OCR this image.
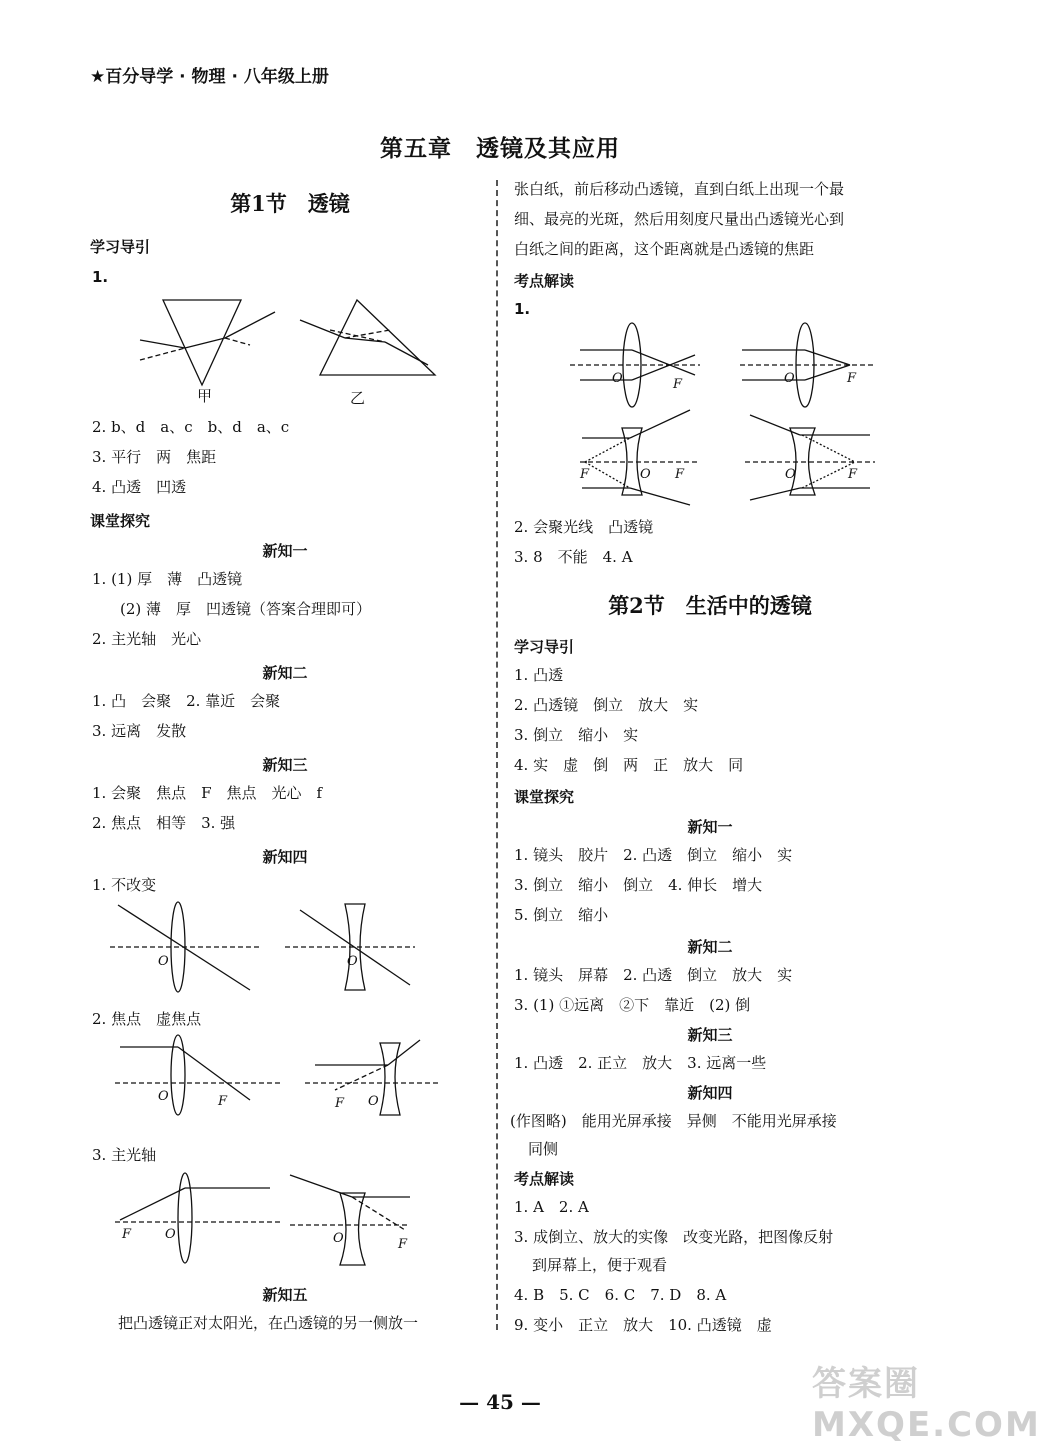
★百分导学 · 物理 · 八年级上册
第五章　透镜及其应用
第1节　透镜
学习导引
1.
甲	乙
2. b、d　a、c　b、d　a、c
3. 平行　两　焦距
4. 凸透　凹透
课堂探究
新知一
1. (1) 厚　薄　凸透镜
(2) 薄　厚　凹透镜（答案合理即可）
2. 主光轴　光心
新知二
1. 凸　会聚　2. 靠近　会聚
3. 远离　发散
新知三
1. 会聚　焦点　F　焦点　光心　f
2. 焦点　相等　3. 强
新知四
1. 不改变
O	O
2. 焦点　虚焦点
O	F	O
F
3. 主光轴
F	O	O	F
新知五
把凸透镜正对太阳光，在凸透镜的另一侧放一
张白纸，前后移动凸透镜，直到白纸上出现一个最
细、最亮的光斑，然后用刻度尺量出凸透镜光心到
白纸之间的距离，这个距离就是凸透镜的焦距
考点解读
1.
O	F	O	F
F	O F	O	F
2. 会聚光线　凸透镜
3. 8　不能　4. A
第2节　生活中的透镜
学习导引
1. 凸透
2. 凸透镜　倒立　放大　实
3. 倒立　缩小　实
4. 实　虚　倒　两　正　放大　同
课堂探究
新知一
1. 镜头　胶片　2. 凸透　倒立　缩小　实
3. 倒立　缩小　倒立　4. 伸长　增大
5. 倒立　缩小
新知二
1. 镜头　屏幕　2. 凸透　倒立　放大　实
3. (1) ①远离　②下　靠近　(2) 倒
新知三
1. 凸透　2. 正立　放大　3. 远离一些
新知四
(作图略)　能用光屏承接　异侧　不能用光屏承接
同侧
考点解读
1. A　2. A
3. 成倒立、放大的实像　改变光路，把图像反射
到屏幕上，便于观看
4. B　5. C　6. C　7. D　8. A
9. 变小　正立　放大　10. 凸透镜　虚
— 45 —	答案圈 MXQE.COM
